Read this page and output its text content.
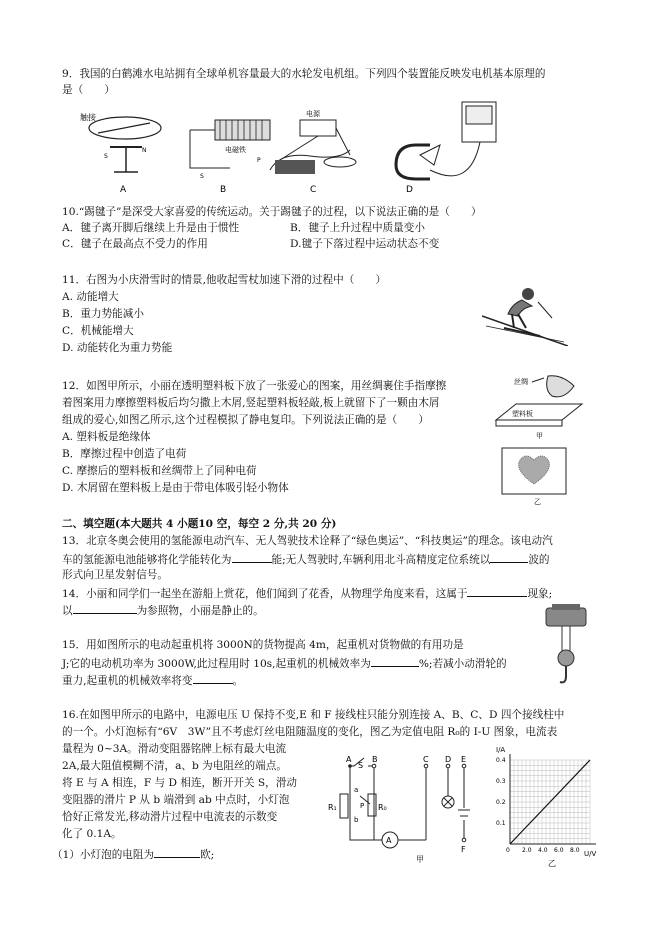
9．我国的白鹤滩水电站拥有全球单机容量最大的水轮发电机组。下列四个装置能反映发电机基本原理的
是（　　）
触接
S
N
A
电磁铁
P
S
B
电源
C	D
10.“踢毽子”是深受大家喜爱的传统运动。关于踢毽子的过程，以下说法正确的是（　　）
A．毽子离开脚后继续上升是由于惯性	B．毽子上升过程中质量变小
C．毽子在最高点不受力的作用	D.毽子下落过程中运动状态不变
11．右图为小庆滑雪时的情景,他收起雪杖加速下滑的过程中（　　）
A. 动能增大
B．重力势能减小
C．机械能增大
D. 动能转化为重力势能
12．如图甲所示，小丽在透明塑料板下放了一张爱心的图案，用丝绸裹住手指摩擦
着图案用力摩擦塑料板后均匀撒上木屑,竖起塑料板轻敲,板上就留下了一颗由木屑
组成的爱心,如图乙所示,这个过程模拟了静电复印。下列说法正确的是（　　）
A. 塑料板是绝缘体
B．摩擦过程中创造了电荷
C. 摩擦后的塑料板和丝绸带上了同种电荷
D. 木屑留在塑料板上是由于带电体吸引轻小物体
丝绸
塑料板
甲
乙
二、填空题(本大题共 4 小题10 空，每空 2 分,共 20 分)
13．北京冬奥会使用的氢能源电动汽车、无人驾驶技术诠释了“绿色奥运”、“科技奥运”的理念。该电动汽
车的氢能源电池能够将化学能转化为	能;无人驾驶时,车辆利用北斗高精度定位系统以	波的
形式向卫星发射信号。
14．小丽和同学们一起坐在游船上赏花，他们闻到了花香，从物理学角度来看，这属于	现象;
以	为参照物，小丽是静止的。
15．用如图所示的电动起重机将 3000N的货物提高 4m，起重机对货物做的有用功是
J;它的电动机功率为 3000W,此过程用时 10s,起重机的机械效率为	%;若减小动滑轮的
重力,起重机的机械效率将变	。
16.在如图甲所示的电路中，电源电压 U 保持不变,E 和 F 接线柱只能分别连接 A、B、C、D 四个接线柱中
的一个。小灯泡标有“6V　3W”且不考虑灯丝电阻随温度的变化，图乙为定值电阻 R₀的 I-U 图象，电流表
量程为 0~3A。滑动变阻器铭牌上标有最大电流
2A,最大阻值模糊不清，a、b 为电阻丝的端点。
将 E 与 A 相连，F 与 D 相连，断开开关 S，滑动
变阻器的滑片 P 从 b 端滑到 ab 中点时，小灯泡
恰好正常发光,移动滑片过程中电流表的示数变
化了 0.1A。
（1）小灯泡的电阻为	欧;
S
A	B	C D E
F
P
a
b
R₁	R₀
A
甲
0.4
0.3
0.2
0.1
0 2.0 4.0 6.0 8.0
I/A
U/V
乙
